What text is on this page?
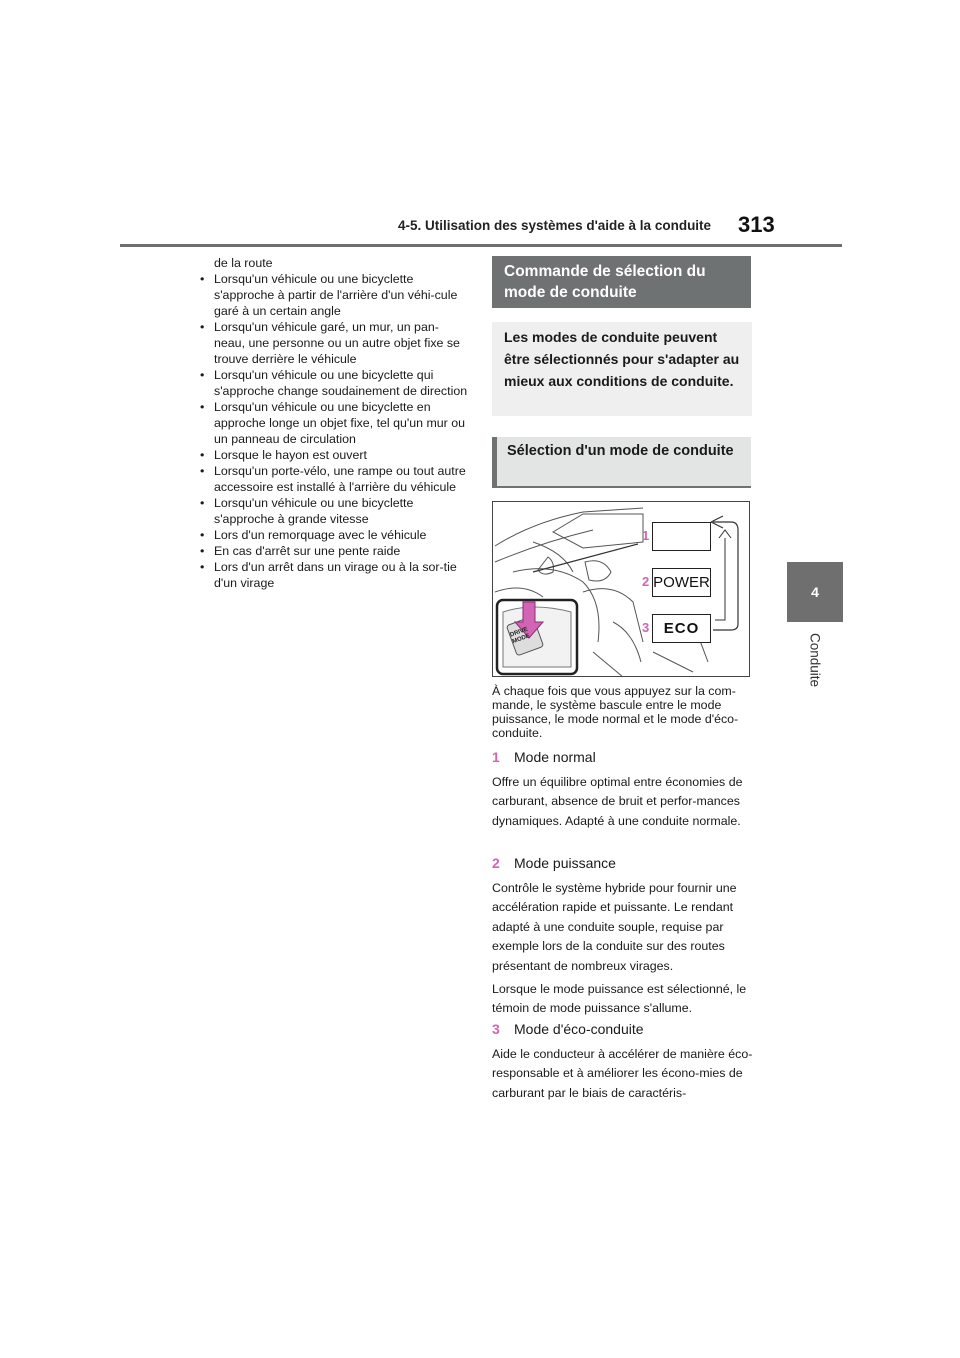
4-5. Utilisation des systèmes d'aide à la conduite 313
4
Conduite

de la route

• Lorsqu'un véhicule ou une bicyclette s'approche à partir de l'arrière d'un véhi-cule garé à un certain angle
• Lorsqu'un véhicule garé, un mur, un pan-neau, une personne ou un autre objet fixe se trouve derrière le véhicule
• Lorsqu'un véhicule ou une bicyclette qui s'approche change soudainement de direction
• Lorsqu'un véhicule ou une bicyclette en approche longe un objet fixe, tel qu'un mur ou un panneau de circulation
• Lorsque le hayon est ouvert
• Lorsqu'un porte-vélo, une rampe ou tout autre accessoire est installé à l'arrière du véhicule
• Lorsqu'un véhicule ou une bicyclette s'approche à grande vitesse
• Lors d'un remorquage avec le véhicule
• En cas d'arrêt sur une pente raide
• Lors d'un arrêt dans un virage ou à la sor-tie d'un virage
Commande de sélection du mode de conduite
Les modes de conduite peuvent être sélectionnés pour s'adapter au mieux aux conditions de conduite.
Sélection d'un mode de conduite
DRIVE MODE
1
2
3
POWER
ECO
À chaque fois que vous appuyez sur la com-mande, le système bascule entre le mode puissance, le mode normal et le mode d'éco-conduite.
1 Mode normal
Offre un équilibre optimal entre économies de carburant, absence de bruit et perfor-mances dynamiques. Adapté à une conduite normale.
2 Mode puissance
Contrôle le système hybride pour fournir une accélération rapide et puissante. Le rendant adapté à une conduite souple, requise par exemple lors de la conduite sur des routes présentant de nombreux virages.
Lorsque le mode puissance est sélectionné, le témoin de mode puissance s'allume.
3 Mode d'éco-conduite
Aide le conducteur à accélérer de manière éco-responsable et à améliorer les écono-mies de carburant par le biais de caractéris-
